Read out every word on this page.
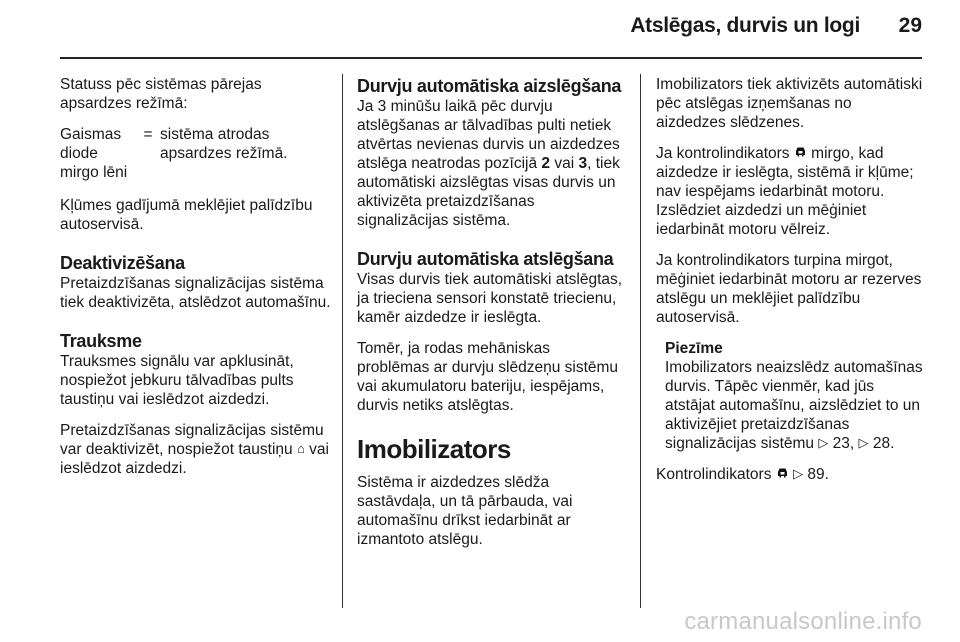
Atslēgas, durvis un logi 29

Statuss pēc sistēmas pārejas apsardzes režīmā:

Gaismas
diode
mirgo lēni
= sistēma atrodas apsardzes režīmā.

Kļūmes gadījumā meklējiet palīdzību autoservisā.

Deaktivizēšana

Pretaizdzīšanas signalizācijas sistēma tiek deaktivizēta, atslēdzot automašīnu.

Trauksme

Trauksmes signālu var apklusināt, nospiežot jebkuru tālvadības pults taustiņu vai ieslēdzot aizdedzi.

Pretaizdzīšanas signalizācijas sistēmu var deaktivizēt, nospiežot taustiņu ⌂ vai ieslēdzot aizdedzi.

Durvju automātiska aizslēgšana

Ja 3 minūšu laikā pēc durvju atslēgšanas ar tālvadības pulti netiek atvērtas nevienas durvis un aizdedzes atslēga neatrodas pozīcijā 2 vai 3, tiek automātiski aizslēgtas visas durvis un aktivizēta pretaizdzīšanas signalizācijas sistēma.

Durvju automātiska atslēgšana

Visas durvis tiek automātiski atslēgtas, ja trieciena sensori konstatē triecienu, kamēr aizdedze ir ieslēgta.

Tomēr, ja rodas mehāniskas problēmas ar durvju slēdzeņu sistēmu vai akumulatoru bateriju, iespējams, durvis netiks atslēgtas.

Imobilizators

Sistēma ir aizdedzes slēdža sastāvdaļa, un tā pārbauda, vai automašīnu drīkst iedarbināt ar izmantoto atslēgu.

Imobilizators tiek aktivizēts automātiski pēc atslēgas izņemšanas no aizdedzes slēdzenes.

Ja kontrolindikators mirgo, kad aizdedze ir ieslēgta, sistēmā ir kļūme; nav iespējams iedarbināt motoru. Izslēdziet aizdedzi un mēģiniet iedarbināt motoru vēlreiz.

Ja kontrolindikators turpina mirgot, mēģiniet iedarbināt motoru ar rezerves atslēgu un meklējiet palīdzību autoservisā.

Piezīme
Imobilizators neaizslēdz automašīnas durvis. Tāpēc vienmēr, kad jūs atstājat automašīnu, aizslēdziet to un aktivizējiet pretaizdzīšanas signalizācijas sistēmu ▷ 23, ▷ 28.

Kontrolindikators ▷ 89.

carmanualsonline.info
